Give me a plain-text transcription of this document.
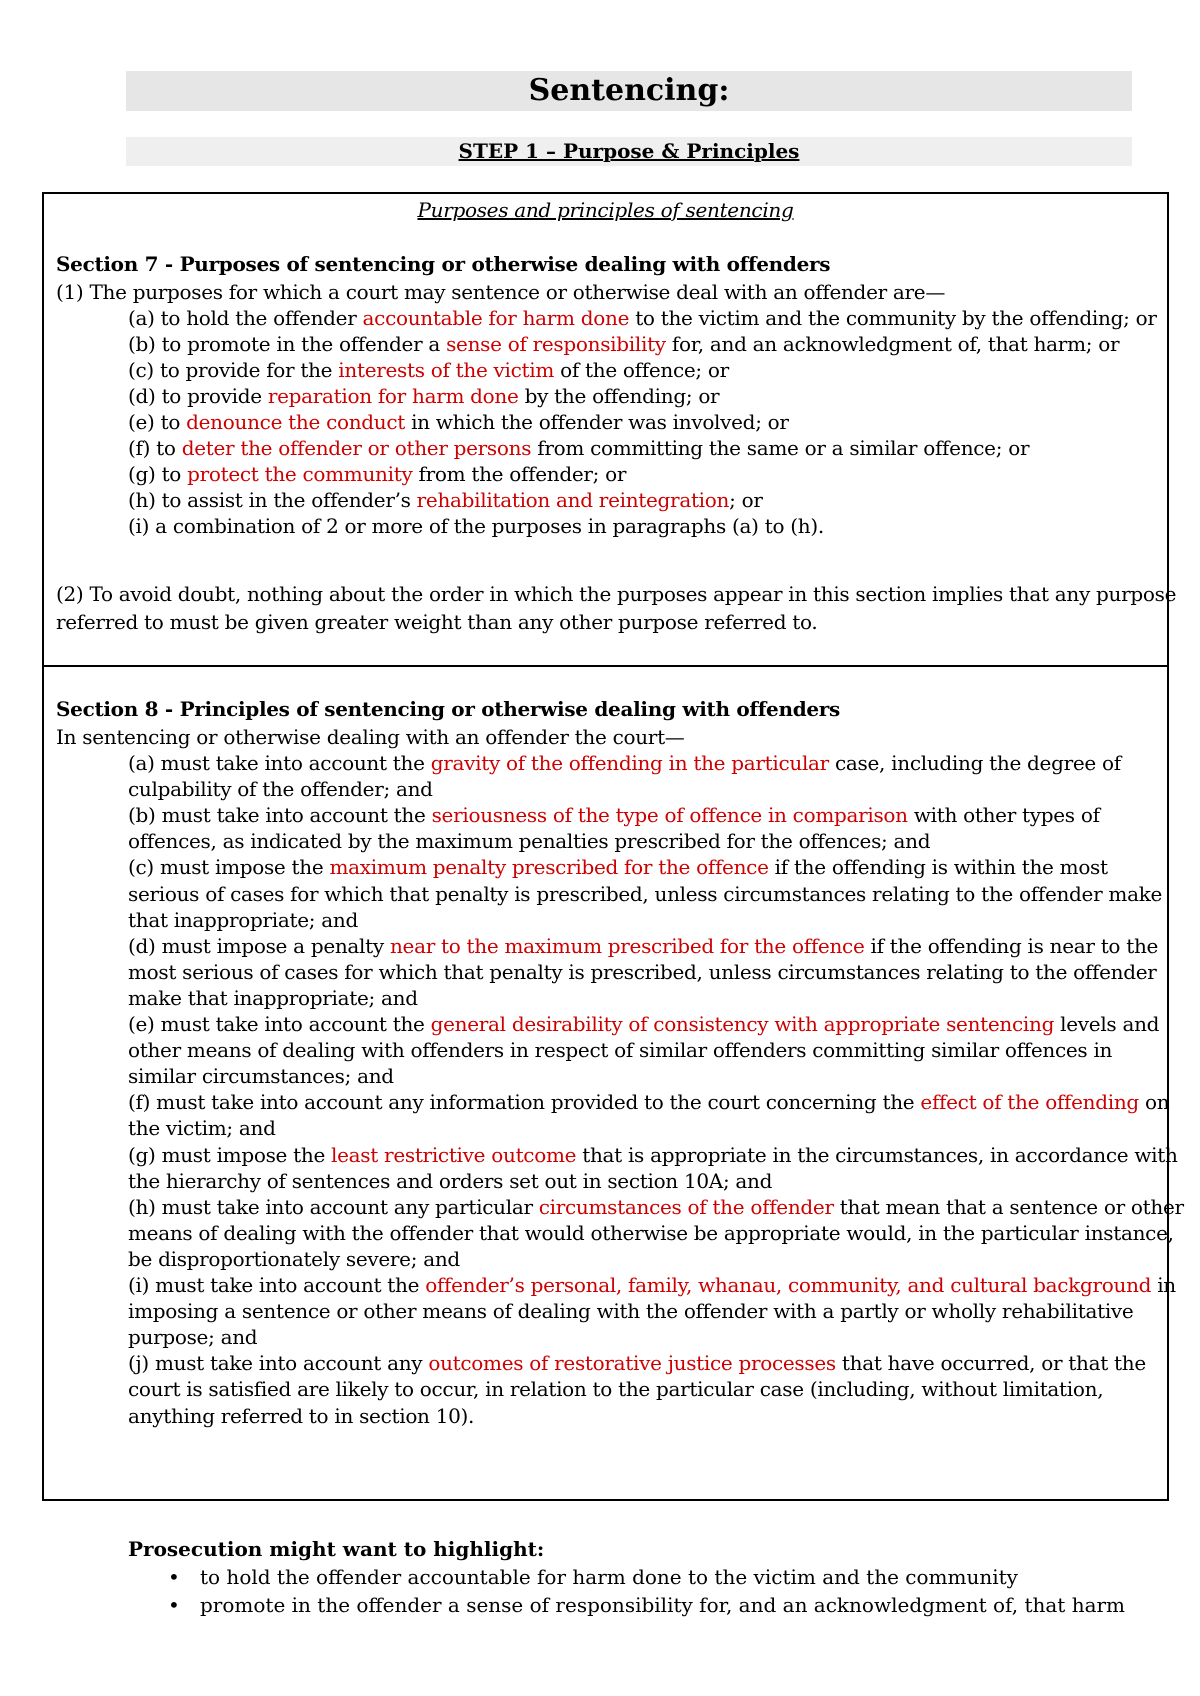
Sentencing:
STEP 1 – Purpose & Principles
Purposes and principles of sentencing
Section 7 - Purposes of sentencing or otherwise dealing with offenders
(1) The purposes for which a court may sentence or otherwise deal with an offender are—
(a) to hold the offender accountable for harm done to the victim and the community by the offending; or
(b) to promote in the offender a sense of responsibility for, and an acknowledgment of, that harm; or
(c) to provide for the interests of the victim of the offence; or
(d) to provide reparation for harm done by the offending; or
(e) to denounce the conduct in which the offender was involved; or
(f) to deter the offender or other persons from committing the same or a similar offence; or
(g) to protect the community from the offender; or
(h) to assist in the offender’s rehabilitation and reintegration; or
(i) a combination of 2 or more of the purposes in paragraphs (a) to (h).
(2) To avoid doubt, nothing about the order in which the purposes appear in this section implies that any purpose
referred to must be given greater weight than any other purpose referred to.
Section 8 - Principles of sentencing or otherwise dealing with offenders
In sentencing or otherwise dealing with an offender the court—
(a) must take into account the gravity of the offending in the particular case, including the degree of
culpability of the offender; and
(b) must take into account the seriousness of the type of offence in comparison with other types of
offences, as indicated by the maximum penalties prescribed for the offences; and
(c) must impose the maximum penalty prescribed for the offence if the offending is within the most
serious of cases for which that penalty is prescribed, unless circumstances relating to the offender make
that inappropriate; and
(d) must impose a penalty near to the maximum prescribed for the offence if the offending is near to the
most serious of cases for which that penalty is prescribed, unless circumstances relating to the offender
make that inappropriate; and
(e) must take into account the general desirability of consistency with appropriate sentencing levels and
other means of dealing with offenders in respect of similar offenders committing similar offences in
similar circumstances; and
(f) must take into account any information provided to the court concerning the effect of the offending on
the victim; and
(g) must impose the least restrictive outcome that is appropriate in the circumstances, in accordance with
the hierarchy of sentences and orders set out in section 10A; and
(h) must take into account any particular circumstances of the offender that mean that a sentence or other
means of dealing with the offender that would otherwise be appropriate would, in the particular instance,
be disproportionately severe; and
(i) must take into account the offender’s personal, family, whanau, community, and cultural background in
imposing a sentence or other means of dealing with the offender with a partly or wholly rehabilitative
purpose; and
(j) must take into account any outcomes of restorative justice processes that have occurred, or that the
court is satisfied are likely to occur, in relation to the particular case (including, without limitation,
anything referred to in section 10).
Prosecution might want to highlight:
• to hold the offender accountable for harm done to the victim and the community
• promote in the offender a sense of responsibility for, and an acknowledgment of, that harm
